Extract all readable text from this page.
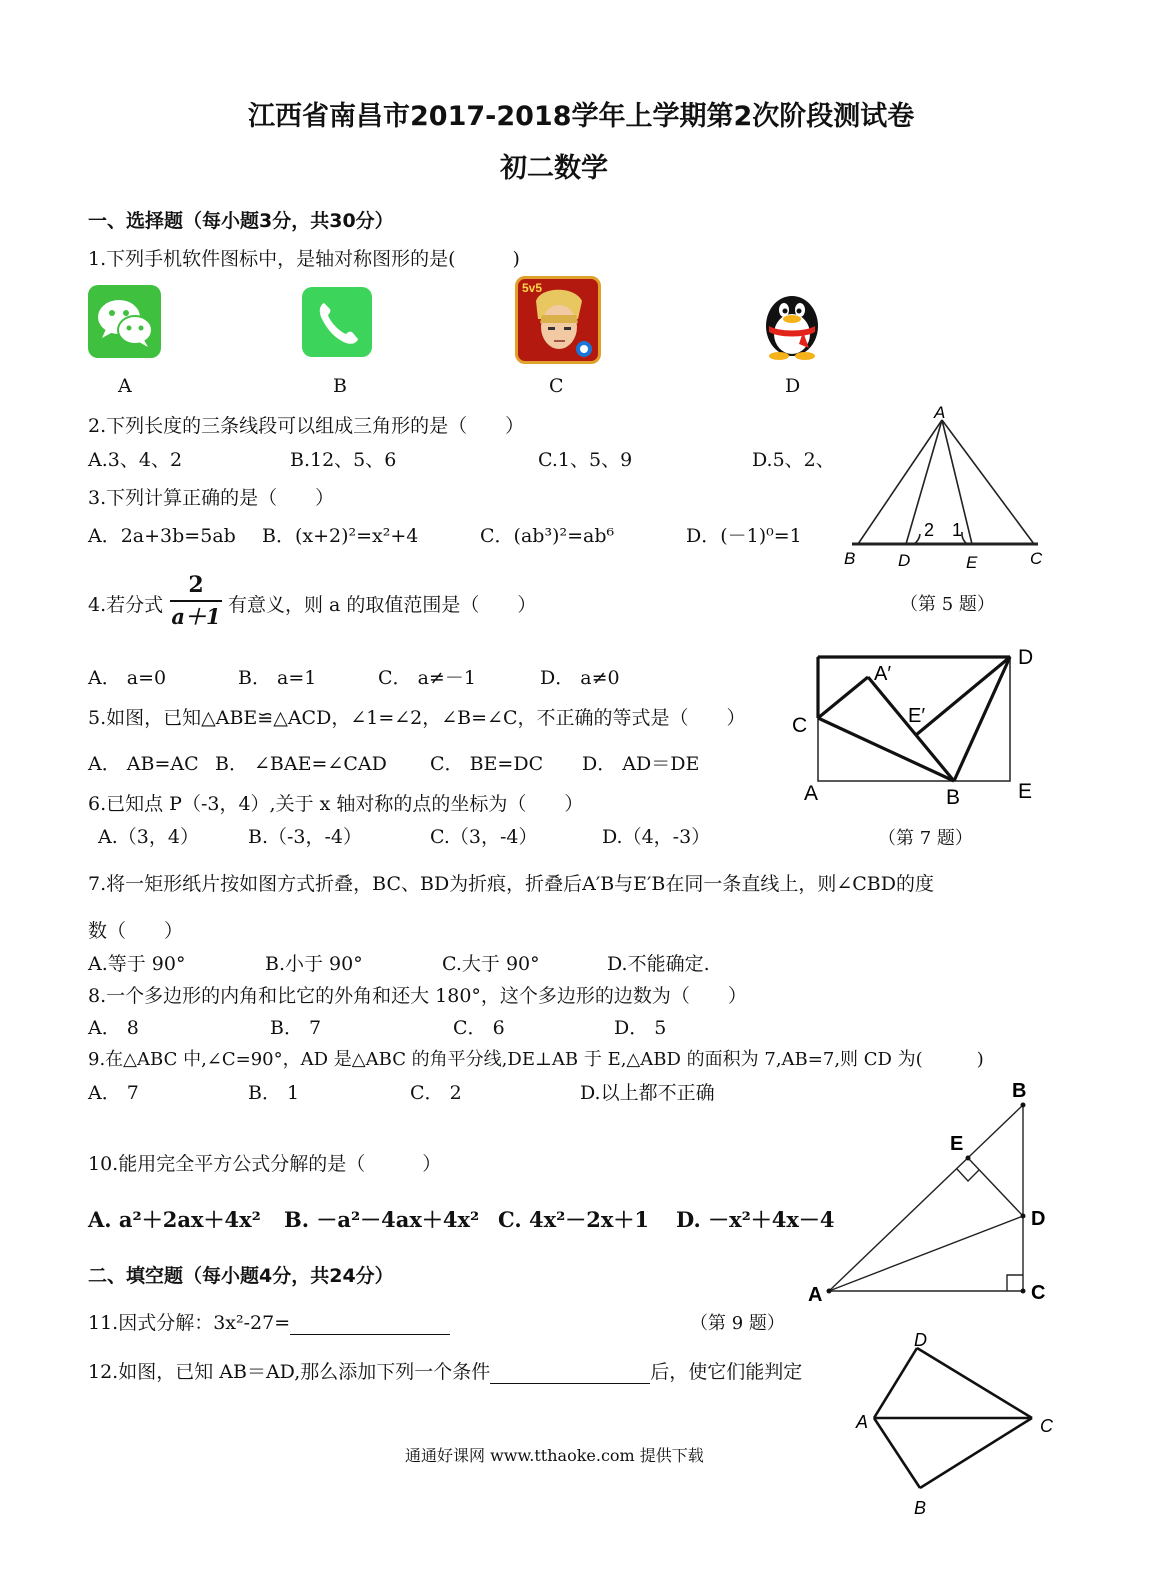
江西省南昌市2017-2018学年上学期第2次阶段测试卷
初二数学
一、选择题（每小题3分，共30分）
1.下列手机软件图标中，是轴对称图形的是(　　　)
5v5
A	B	C	D
2.下列长度的三条线段可以组成三角形的是（　　）
A.3、4、2	B.12、5、6	C.1、5、9	D.5、2、
3.下列计算正确的是（　　）
A．2a+3b=5ab B．(x+2)²=x²+4	C．(ab³)²=ab⁶	D．(－1)⁰=1
A
B	D	E	C
2 1
（第 5 题）
4.若分式
2
a＋1 有意义，则 a 的取值范围是（　　）
A． a=0	B． a=1	C． a≠－1	D． a≠0	A′
D
C	E′
A	B	E
（第 7 题）
5.如图，已知△ABE≌△ACD，∠1=∠2，∠B=∠C，不正确的等式是（　　）
A． AB=AC B． ∠BAE=∠CAD C． BE=DC D． AD＝DE
6.已知点 P（-3，4）,关于 x 轴对称的点的坐标为（　　）
A.（3，4）	B.（-3，-4）	C.（3，-4）	D.（4，-3）
7.将一矩形纸片按如图方式折叠，BC、BD为折痕，折叠后A′B与E′B在同一条直线上，则∠CBD的度
数（　　）
A.等于 90°	B.小于 90°	C.大于 90°	D.不能确定.
8.一个多边形的内角和比它的外角和还大 180°，这个多边形的边数为（　　）
A． 8	B． 7	C． 6	D． 5
9.在△ABC 中,∠C=90°，AD 是△ABC 的角平分线,DE⊥AB 于 E,△ABD 的面积为 7,AB=7,则 CD 为(　　　)
A． 7	B． 1	C． 2	D.以上都不正确	B
E
D
A	C
（第 9 题）
10.能用完全平方公式分解的是（　　　）
A. a²＋2ax＋4x² B. －a²－4ax＋4x² C. 4x²－2x＋1 D. －x²＋4x－4
二、填空题（每小题4分，共24分）
11.因式分解：3x²-27=
12.如图，已知 AB＝AD,那么添加下列一个条件	后，使它们能判定
D
A	C
B
通通好课网 www.tthaoke.com 提供下载
